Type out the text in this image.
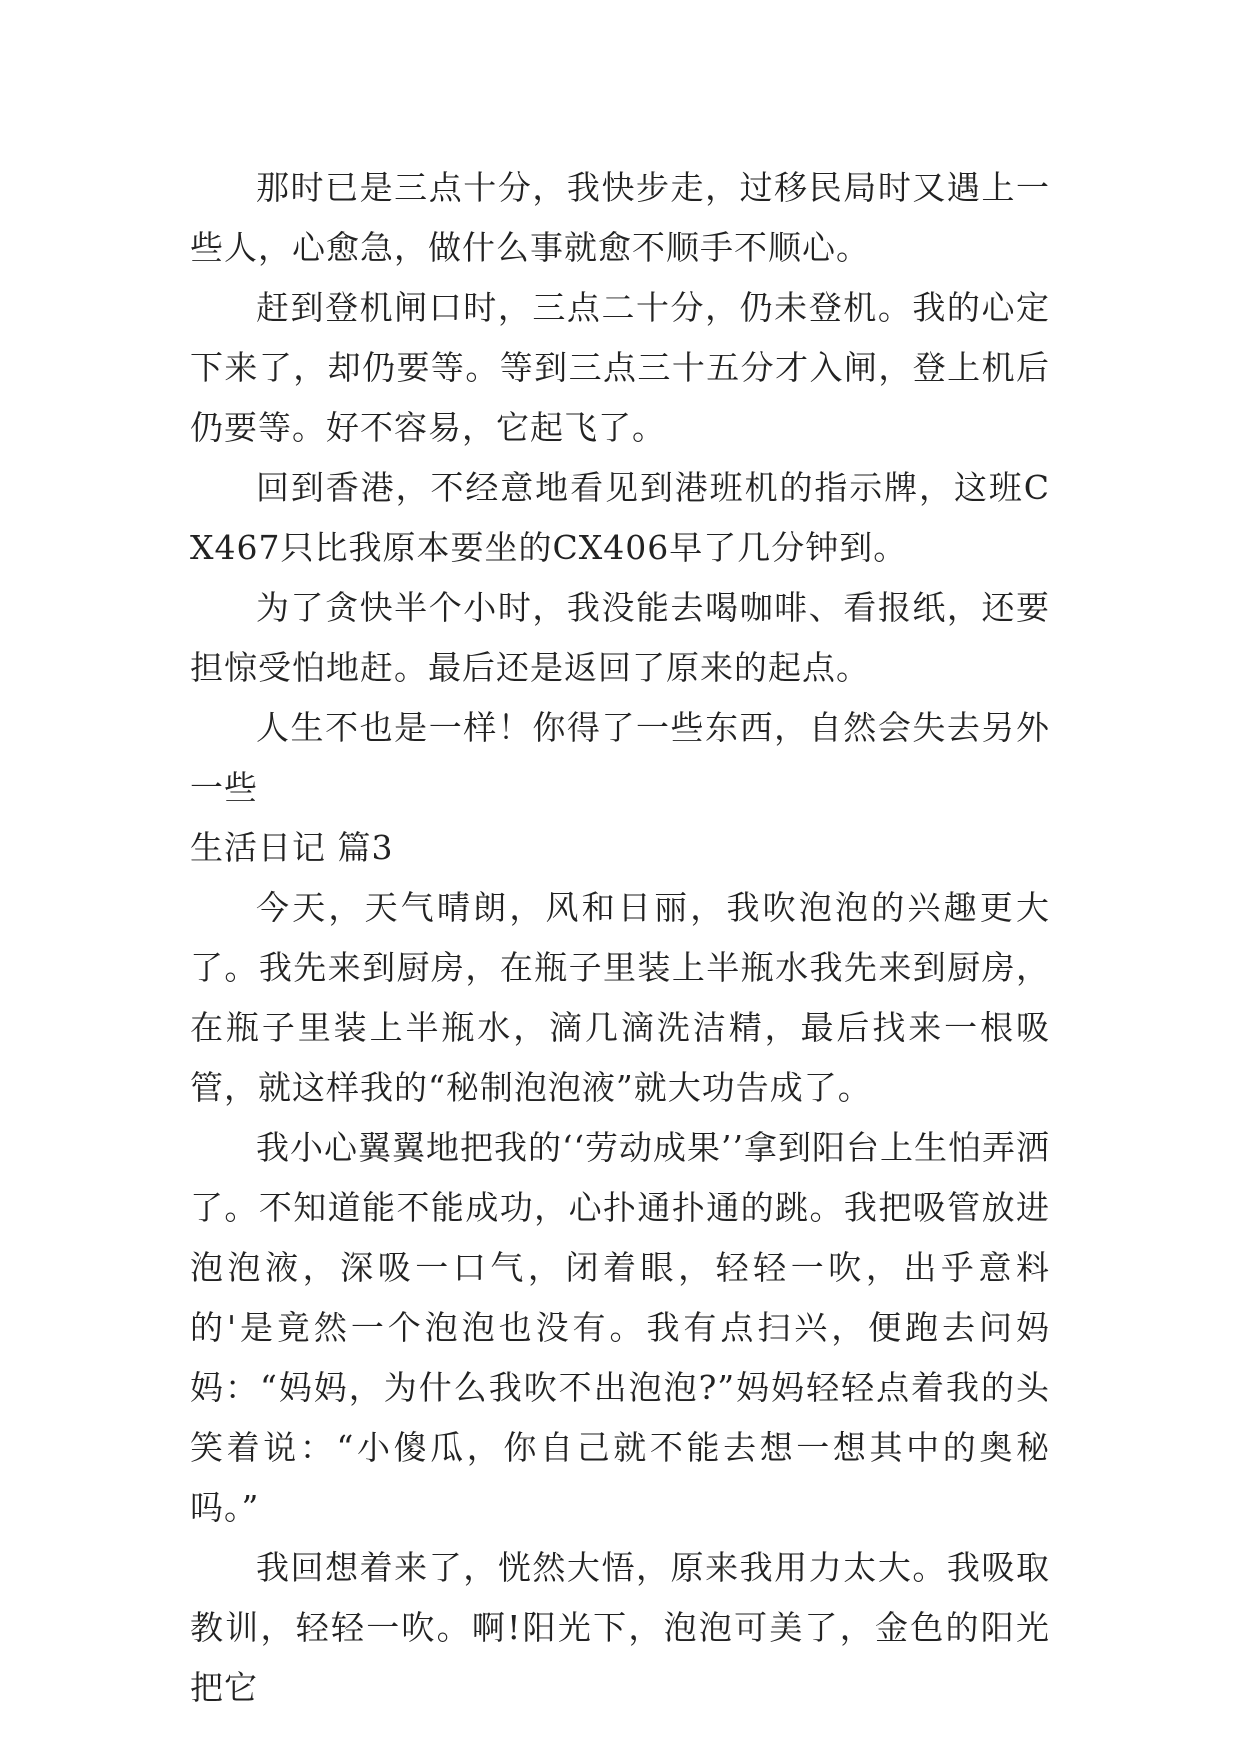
那时已是三点十分，我快步走，过移民局时又遇上一些人，心愈急，做什么事就愈不顺手不顺心。

赶到登机闸口时，三点二十分，仍未登机。我的心定下来了，却仍要等。等到三点三十五分才入闸，登上机后仍要等。好不容易，它起飞了。

回到香港，不经意地看见到港班机的指示牌，这班CX467只比我原本要坐的CX406早了几分钟到。

为了贪快半个小时，我没能去喝咖啡、看报纸，还要担惊受怕地赶。最后还是返回了原来的起点。

人生不也是一样！你得了一些东西，自然会失去另外一些

生活日记 篇3

今天，天气晴朗，风和日丽，我吹泡泡的兴趣更大了。我先来到厨房，在瓶子里装上半瓶水我先来到厨房，在瓶子里装上半瓶水，滴几滴洗洁精，最后找来一根吸管，就这样我的“秘制泡泡液”就大功告成了。

我小心翼翼地把我的‘‘劳动成果’’拿到阳台上生怕弄洒了。不知道能不能成功，心扑通扑通的跳。我把吸管放进泡泡液，深吸一口气，闭着眼，轻轻一吹，出乎意料的'是竟然一个泡泡也没有。我有点扫兴，便跑去问妈妈：“妈妈，为什么我吹不出泡泡?”妈妈轻轻点着我的头笑着说：“小傻瓜，你自己就不能去想一想其中的奥秘吗。”

我回想着来了，恍然大悟，原来我用力太大。我吸取教训，轻轻一吹。啊!阳光下，泡泡可美了，金色的阳光把它
